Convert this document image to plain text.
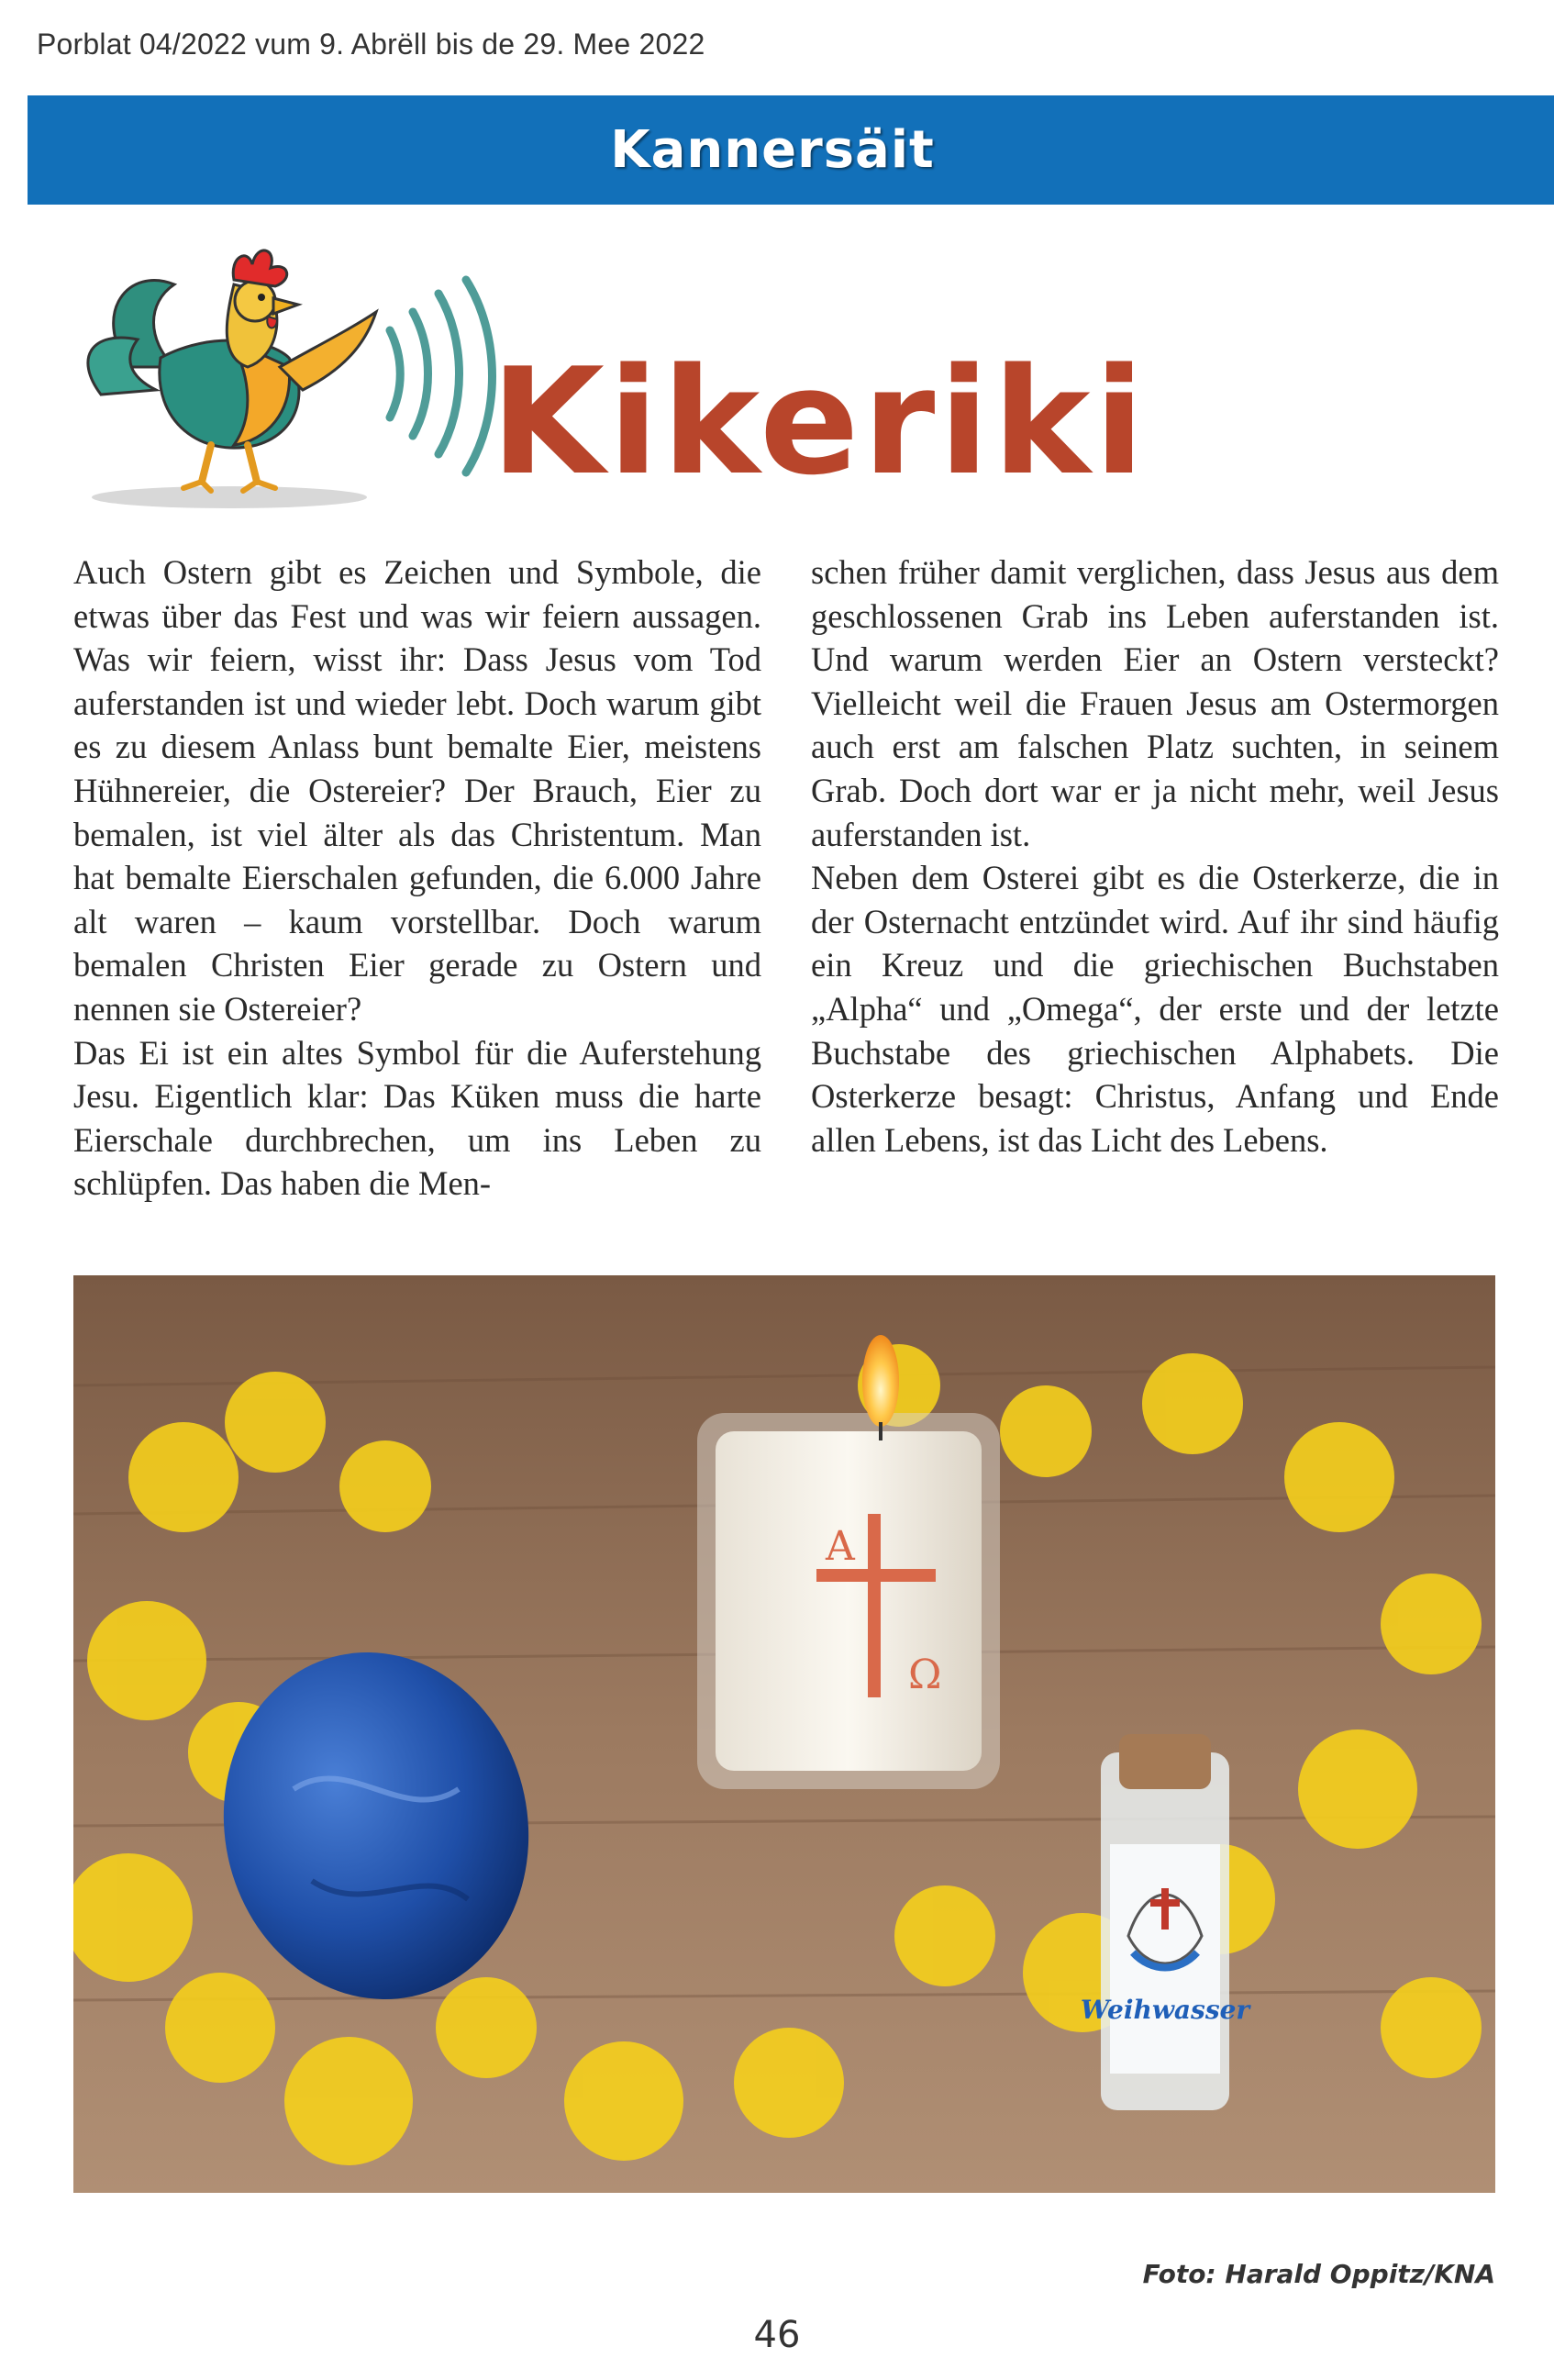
Porblat 04/2022 vum 9. Abrëll bis de 29. Mee 2022
Kannersäit
Kikeriki

Auch Ostern gibt es Zeichen und Symbole, die etwas über das Fest und was wir feiern aussagen. Was wir feiern, wisst ihr: Dass Jesus vom Tod auferstanden ist und wieder lebt. Doch warum gibt es zu diesem Anlass bunt bemalte Eier, meistens Hühnereier, die Ostereier? Der Brauch, Eier zu bemalen, ist viel älter als das Christentum. Man hat bemalte Eierschalen gefunden, die 6.000 Jahre alt waren – kaum vorstellbar. Doch warum bemalen Christen Eier gerade zu Ostern und nennen sie Ostereier?

Das Ei ist ein altes Symbol für die Auferstehung Jesu. Eigentlich klar: Das Küken muss die harte Eierschale durchbrechen, um ins Leben zu schlüpfen. Das haben die Men-

schen früher damit verglichen, dass Jesus aus dem geschlossenen Grab ins Leben auferstanden ist. Und warum werden Eier an Ostern versteckt? Vielleicht weil die Frauen Jesus am Ostermorgen auch erst am falschen Platz suchten, in seinem Grab. Doch dort war er ja nicht mehr, weil Jesus auferstanden ist.

Neben dem Osterei gibt es die Osterkerze, die in der Osternacht entzündet wird. Auf ihr sind häufig ein Kreuz und die griechischen Buchstaben „Alpha“ und „Omega“, der erste und der letzte Buchstabe des griechischen Alphabets. Die Osterkerze besagt: Christus, Anfang und Ende allen Lebens, ist das Licht des Lebens.

A
Ω
Weihwasser
Foto: Harald Oppitz/KNA
46
